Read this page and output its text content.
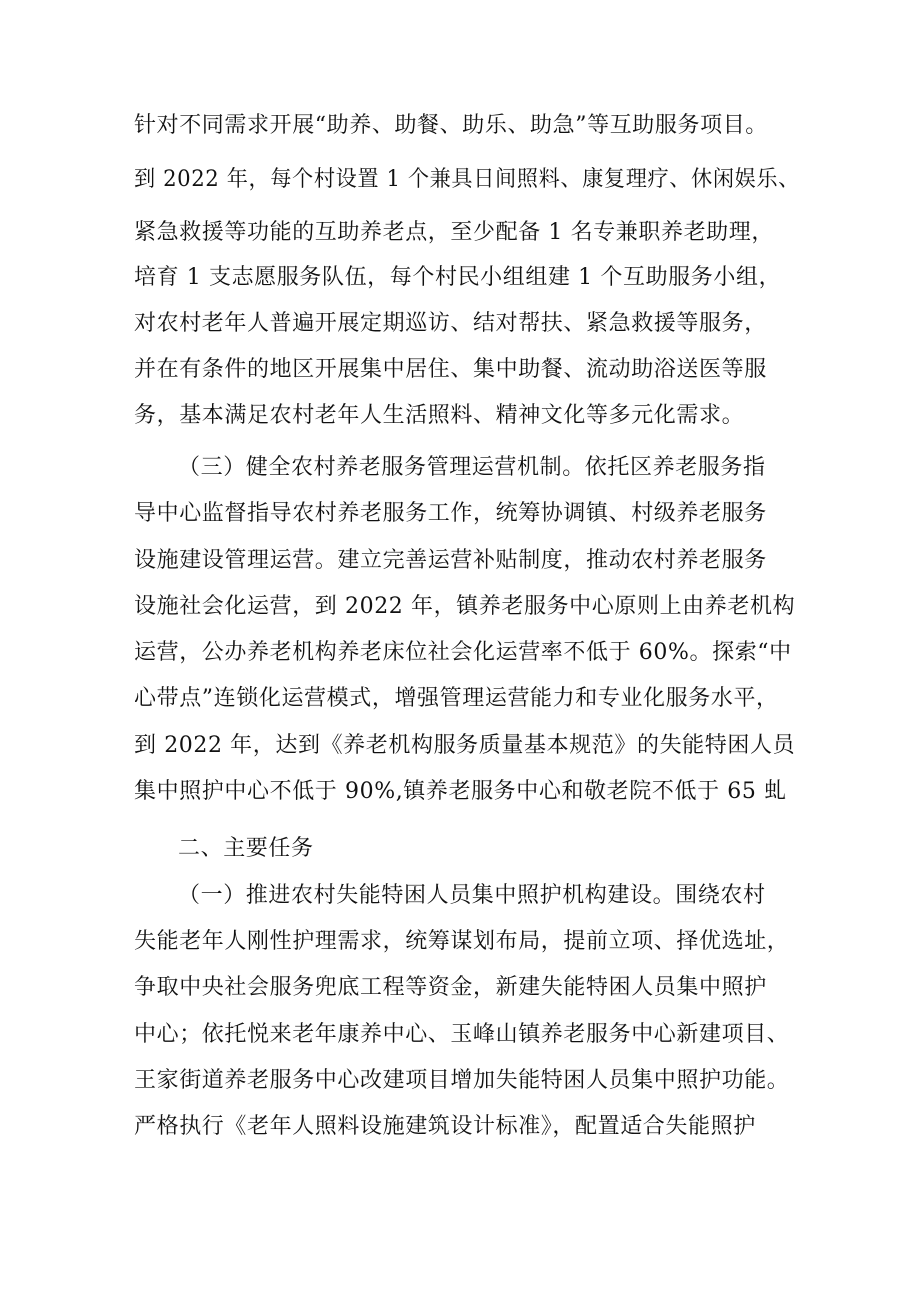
针对不同需求开展“助养、助餐、助乐、助急”等互助服务项目。
到 2022 年，每个村设置 1 个兼具日间照料、康复理疗、休闲娱乐、
紧急救援等功能的互助养老点，至少配备 1 名专兼职养老助理，
培育 1 支志愿服务队伍，每个村民小组组建 1 个互助服务小组，
对农村老年人普遍开展定期巡访、结对帮扶、紧急救援等服务，
并在有条件的地区开展集中居住、集中助餐、流动助浴送医等服
务，基本满足农村老年人生活照料、精神文化等多元化需求。
（三）健全农村养老服务管理运营机制。依托区养老服务指
导中心监督指导农村养老服务工作，统筹协调镇、村级养老服务
设施建设管理运营。建立完善运营补贴制度，推动农村养老服务
设施社会化运营，到 2022 年，镇养老服务中心原则上由养老机构
运营，公办养老机构养老床位社会化运营率不低于 60%。探索“中
心带点”连锁化运营模式，增强管理运营能力和专业化服务水平，
到 2022 年，达到《养老机构服务质量基本规范》的失能特困人员
集中照护中心不低于 90%,镇养老服务中心和敬老院不低于 65 虬
二、主要任务
（一）推进农村失能特困人员集中照护机构建设。围绕农村
失能老年人刚性护理需求，统筹谋划布局，提前立项、择优选址，
争取中央社会服务兜底工程等资金，新建失能特困人员集中照护
中心；依托悦来老年康养中心、玉峰山镇养老服务中心新建项目、
王家街道养老服务中心改建项目增加失能特困人员集中照护功能。
严格执行《老年人照料设施建筑设计标准》，配置适合失能照护
